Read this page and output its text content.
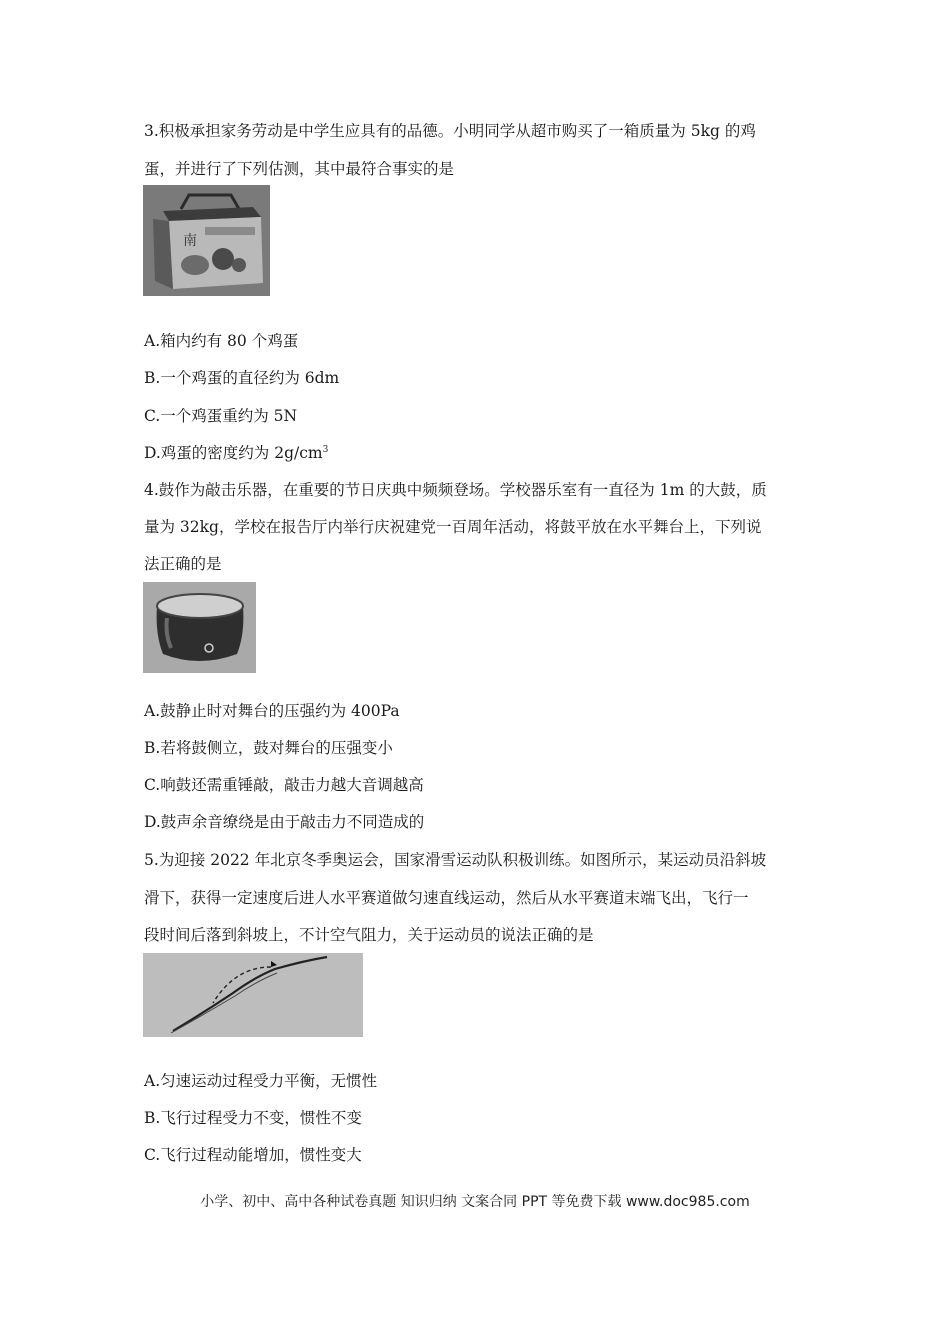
3.积极承担家务劳动是中学生应具有的品德。小明同学从超市购买了一箱质量为 5kg 的鸡
蛋，并进行了下列估测，其中最符合事实的是
南
A.箱内约有 80 个鸡蛋
B.一个鸡蛋的直径约为 6dm
C.一个鸡蛋重约为 5N
D.鸡蛋的密度约为 $2g/cm^3$
4.鼓作为敲击乐器，在重要的节日庆典中频频登场。学校器乐室有一直径为 1m 的大鼓，质
量为 32kg，学校在报告厅内举行庆祝建党一百周年活动，将鼓平放在水平舞台上，下列说
法正确的是
A.鼓静止时对舞台的压强约为 400Pa
B.若将鼓侧立，鼓对舞台的压强变小
C.响鼓还需重锤敲，敲击力越大音调越高
D.鼓声余音缭绕是由于敲击力不同造成的
5.为迎接 2022 年北京冬季奥运会，国家滑雪运动队积极训练。如图所示，某运动员沿斜坡
滑下，获得一定速度后进人水平赛道做匀速直线运动，然后从水平赛道末端飞出，飞行一
段时间后落到斜坡上，不计空气阻力，关于运动员的说法正确的是
A.匀速运动过程受力平衡，无惯性
B.飞行过程受力不变，惯性不变
C.飞行过程动能增加，惯性变大
小学、初中、高中各种试卷真题 知识归纳 文案合同 PPT 等免费下载 www.doc985.com
